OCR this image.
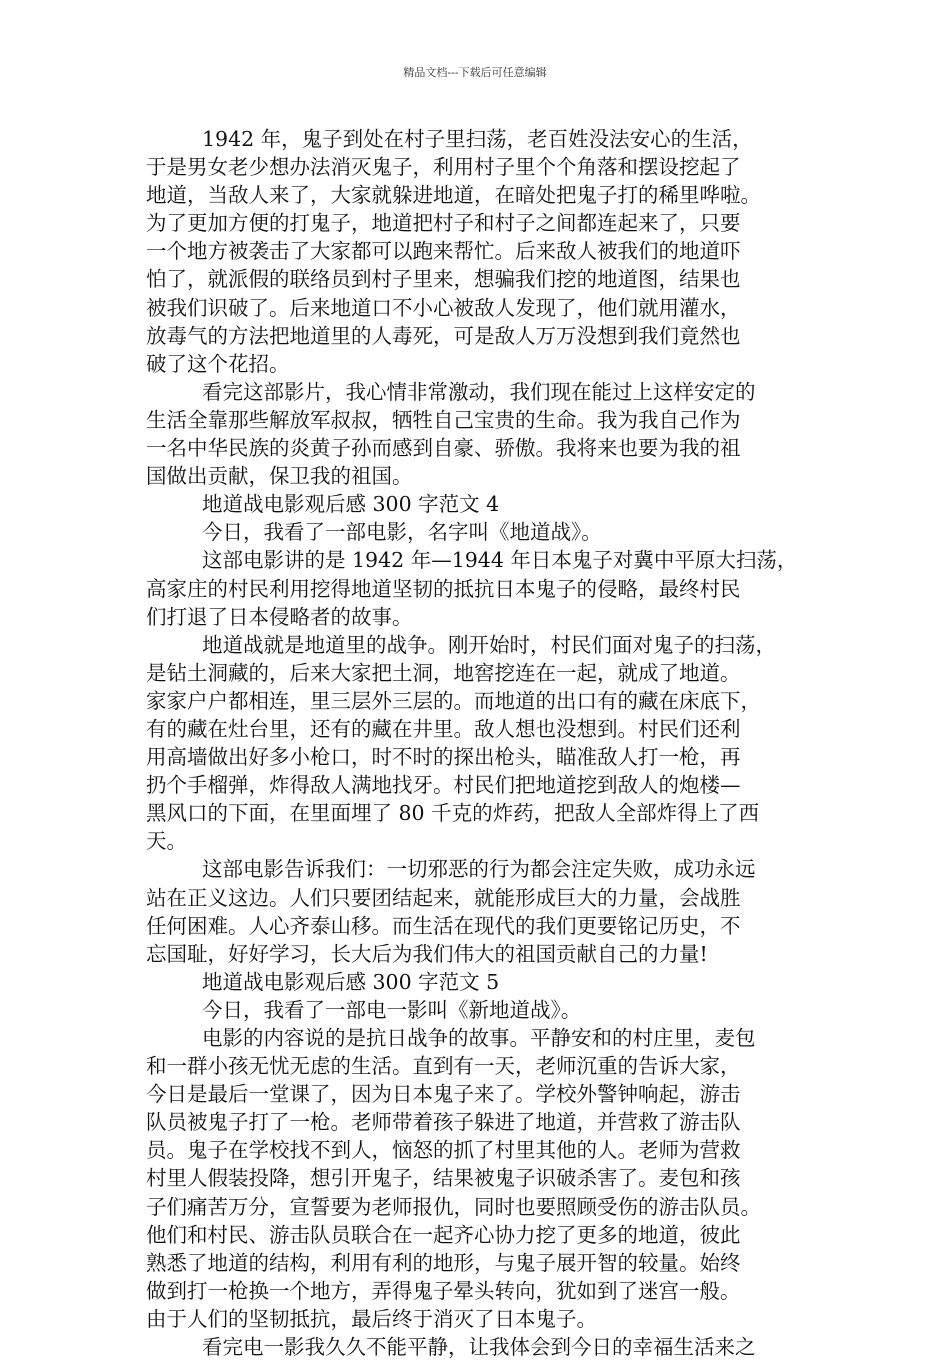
精品文档---下载后可任意编辑
1942 年，鬼子到处在村子里扫荡，老百姓没法安心的生活，
于是男女老少想办法消灭鬼子，利用村子里个个角落和摆设挖起了
地道，当敌人来了，大家就躲进地道，在暗处把鬼子打的稀里哗啦。
为了更加方便的打鬼子，地道把村子和村子之间都连起来了，只要
一个地方被袭击了大家都可以跑来帮忙。后来敌人被我们的地道吓
怕了，就派假的联络员到村子里来，想骗我们挖的地道图，结果也
被我们识破了。后来地道口不小心被敌人发现了，他们就用灌水，
放毒气的方法把地道里的人毒死，可是敌人万万没想到我们竟然也
破了这个花招。
看完这部影片，我心情非常激动，我们现在能过上这样安定的
生活全靠那些解放军叔叔，牺牲自己宝贵的生命。我为我自己作为
一名中华民族的炎黄子孙而感到自豪、骄傲。我将来也要为我的祖
国做出贡献，保卫我的祖国。
地道战电影观后感 300 字范文 4
今日，我看了一部电影，名字叫《地道战》。
这部电影讲的是 1942 年—1944 年日本鬼子对冀中平原大扫荡，
高家庄的村民利用挖得地道坚韧的抵抗日本鬼子的侵略，最终村民
们打退了日本侵略者的故事。
地道战就是地道里的战争。刚开始时，村民们面对鬼子的扫荡，
是钻土洞藏的，后来大家把土洞，地窖挖连在一起，就成了地道。
家家户户都相连，里三层外三层的。而地道的出口有的藏在床底下，
有的藏在灶台里，还有的藏在井里。敌人想也没想到。村民们还利
用高墙做出好多小枪口，时不时的探出枪头，瞄准敌人打一枪，再
扔个手榴弹，炸得敌人满地找牙。村民们把地道挖到敌人的炮楼—
黑风口的下面，在里面埋了 80 千克的炸药，把敌人全部炸得上了西
天。
这部电影告诉我们：一切邪恶的行为都会注定失败，成功永远
站在正义这边。人们只要团结起来，就能形成巨大的力量，会战胜
任何困难。人心齐泰山移。而生活在现代的我们更要铭记历史，不
忘国耻，好好学习，长大后为我们伟大的祖国贡献自己的力量!
地道战电影观后感 300 字范文 5
今日，我看了一部电一影叫《新地道战》。
电影的内容说的是抗日战争的故事。平静安和的村庄里，麦包
和一群小孩无忧无虑的生活。直到有一天，老师沉重的告诉大家，
今日是最后一堂课了，因为日本鬼子来了。学校外警钟响起，游击
队员被鬼子打了一枪。老师带着孩子躲进了地道，并营救了游击队
员。鬼子在学校找不到人，恼怒的抓了村里其他的人。老师为营救
村里人假装投降，想引开鬼子，结果被鬼子识破杀害了。麦包和孩
子们痛苦万分，宣誓要为老师报仇，同时也要照顾受伤的游击队员。
他们和村民、游击队员联合在一起齐心协力挖了更多的地道，彼此
熟悉了地道的结构，利用有利的地形，与鬼子展开智的较量。始终
做到打一枪换一个地方，弄得鬼子晕头转向，犹如到了迷宫一般。
由于人们的坚韧抵抗，最后终于消灭了日本鬼子。
看完电一影我久久不能平静，让我体会到今日的幸福生活来之
